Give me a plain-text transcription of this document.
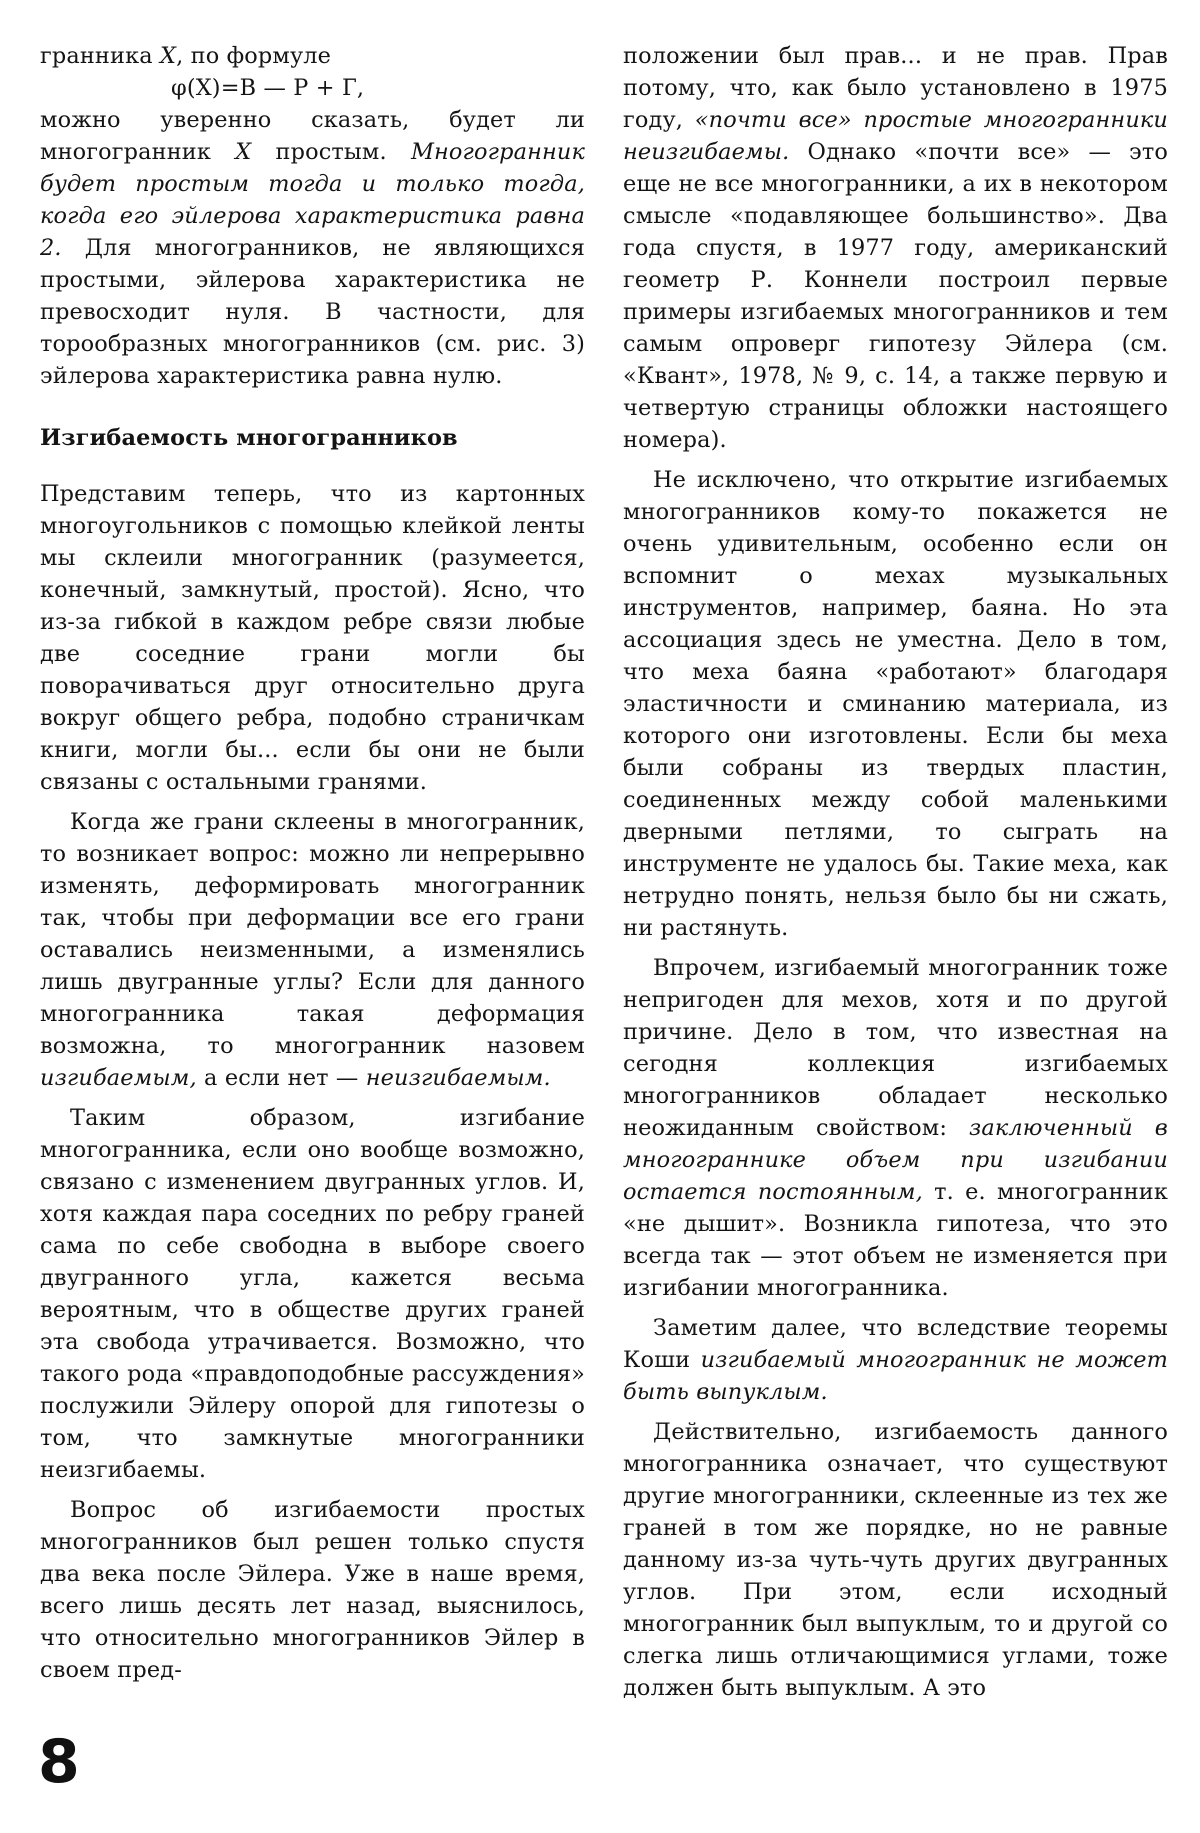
гранника X, по формуле

φ(X)=В — Р + Г,

можно уверенно сказать, будет ли многогранник X простым. Многогранник будет простым тогда и только тогда, когда его эйлерова характеристика равна 2. Для многогранников, не являющихся простыми, эйлерова характеристика не превосходит нуля. В частности, для торообразных многогранников (см. рис. 3) эйлерова характеристика равна нулю.

Изгибаемость многогранников

Представим теперь, что из картонных многоугольников с помощью клейкой ленты мы склеили многогранник (разумеется, конечный, замкнутый, простой). Ясно, что из-за гибкой в каждом ребре связи любые две соседние грани могли бы поворачиваться друг относительно друга вокруг общего ребра, подобно страничкам книги, могли бы... если бы они не были связаны с остальными гранями.

Когда же грани склеены в многогранник, то возникает вопрос: можно ли непрерывно изменять, деформировать многогранник так, чтобы при деформации все его грани оставались неизменными, а изменялись лишь двугранные углы? Если для данного многогранника такая деформация возможна, то многогранник назовем изгибаемым, а если нет — неизгибаемым.

Таким образом, изгибание многогранника, если оно вообще возможно, связано с изменением двугранных углов. И, хотя каждая пара соседних по ребру граней сама по себе свободна в выборе своего двугранного угла, кажется весьма вероятным, что в обществе других граней эта свобода утрачивается. Возможно, что такого рода «правдоподобные рассуждения» послужили Эйлеру опорой для гипотезы о том, что замкнутые многогранники неизгибаемы.

Вопрос об изгибаемости простых многогранников был решен только спустя два века после Эйлера. Уже в наше время, всего лишь десять лет назад, выяснилось, что относительно многогранников Эйлер в своем пред-

положении был прав... и не прав. Прав потому, что, как было установлено в 1975 году, «почти все» простые многогранники неизгибаемы. Однако «почти все» — это еще не все многогранники, а их в некотором смысле «подавляющее большинство». Два года спустя, в 1977 году, американский геометр Р. Коннели построил первые примеры изгибаемых многогранников и тем самым опроверг гипотезу Эйлера (см. «Квант», 1978, № 9, с. 14, а также первую и четвертую страницы обложки настоящего номера).

Не исключено, что открытие изгибаемых многогранников кому-то покажется не очень удивительным, особенно если он вспомнит о мехах музыкальных инструментов, например, баяна. Но эта ассоциация здесь не уместна. Дело в том, что меха баяна «работают» благодаря эластичности и сминанию материала, из которого они изготовлены. Если бы меха были собраны из твердых пластин, соединенных между собой маленькими дверными петлями, то сыграть на инструменте не удалось бы. Такие меха, как нетрудно понять, нельзя было бы ни сжать, ни растянуть.

Впрочем, изгибаемый многогранник тоже непригоден для мехов, хотя и по другой причине. Дело в том, что известная на сегодня коллекция изгибаемых многогранников обладает несколько неожиданным свойством: заключенный в многограннике объем при изгибании остается постоянным, т. е. многогранник «не дышит». Возникла гипотеза, что это всегда так — этот объем не изменяется при изгибании многогранника.

Заметим далее, что вследствие теоремы Коши изгибаемый многогранник не может быть выпуклым.

Действительно, изгибаемость данного многогранника означает, что существуют другие многогранники, склеенные из тех же граней в том же порядке, но не равные данному из-за чуть-чуть других двугранных углов. При этом, если исходный многогранник был выпуклым, то и другой со слегка лишь отличающимися углами, тоже должен быть выпуклым. А это

8
